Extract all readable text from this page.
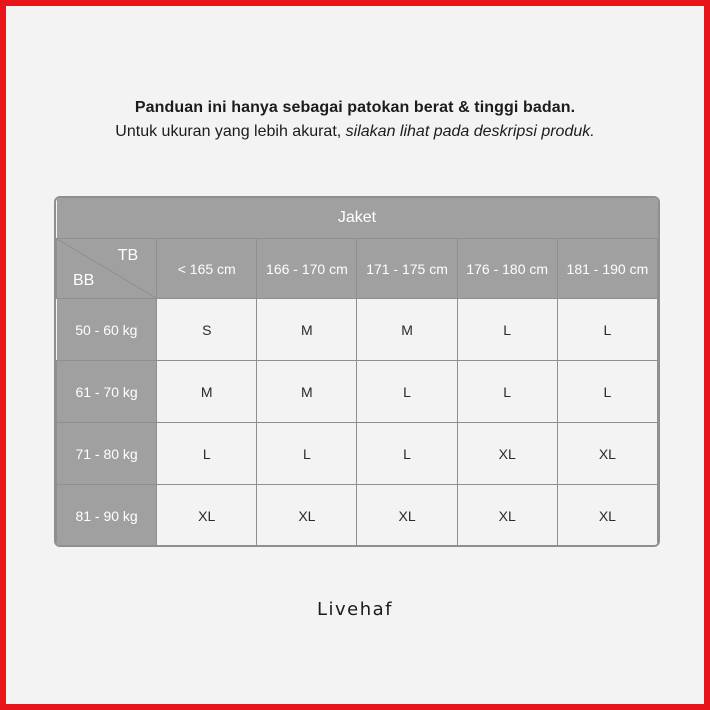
Panduan ini hanya sebagai patokan berat & tinggi badan.
Untuk ukuran yang lebih akurat, silakan lihat pada deskripsi produk.
Jaket					

TB
BB	< 165 cm	166 - 170 cm	171 - 175 cm	176 - 180 cm	181 - 190 cm
50 - 60 kg	S	M	M	L	L
61 - 70 kg	M	M	L	L	L
71 - 80 kg	L	L	L	XL	XL
81 - 90 kg	XL	XL	XL	XL	XL
Livehaf
